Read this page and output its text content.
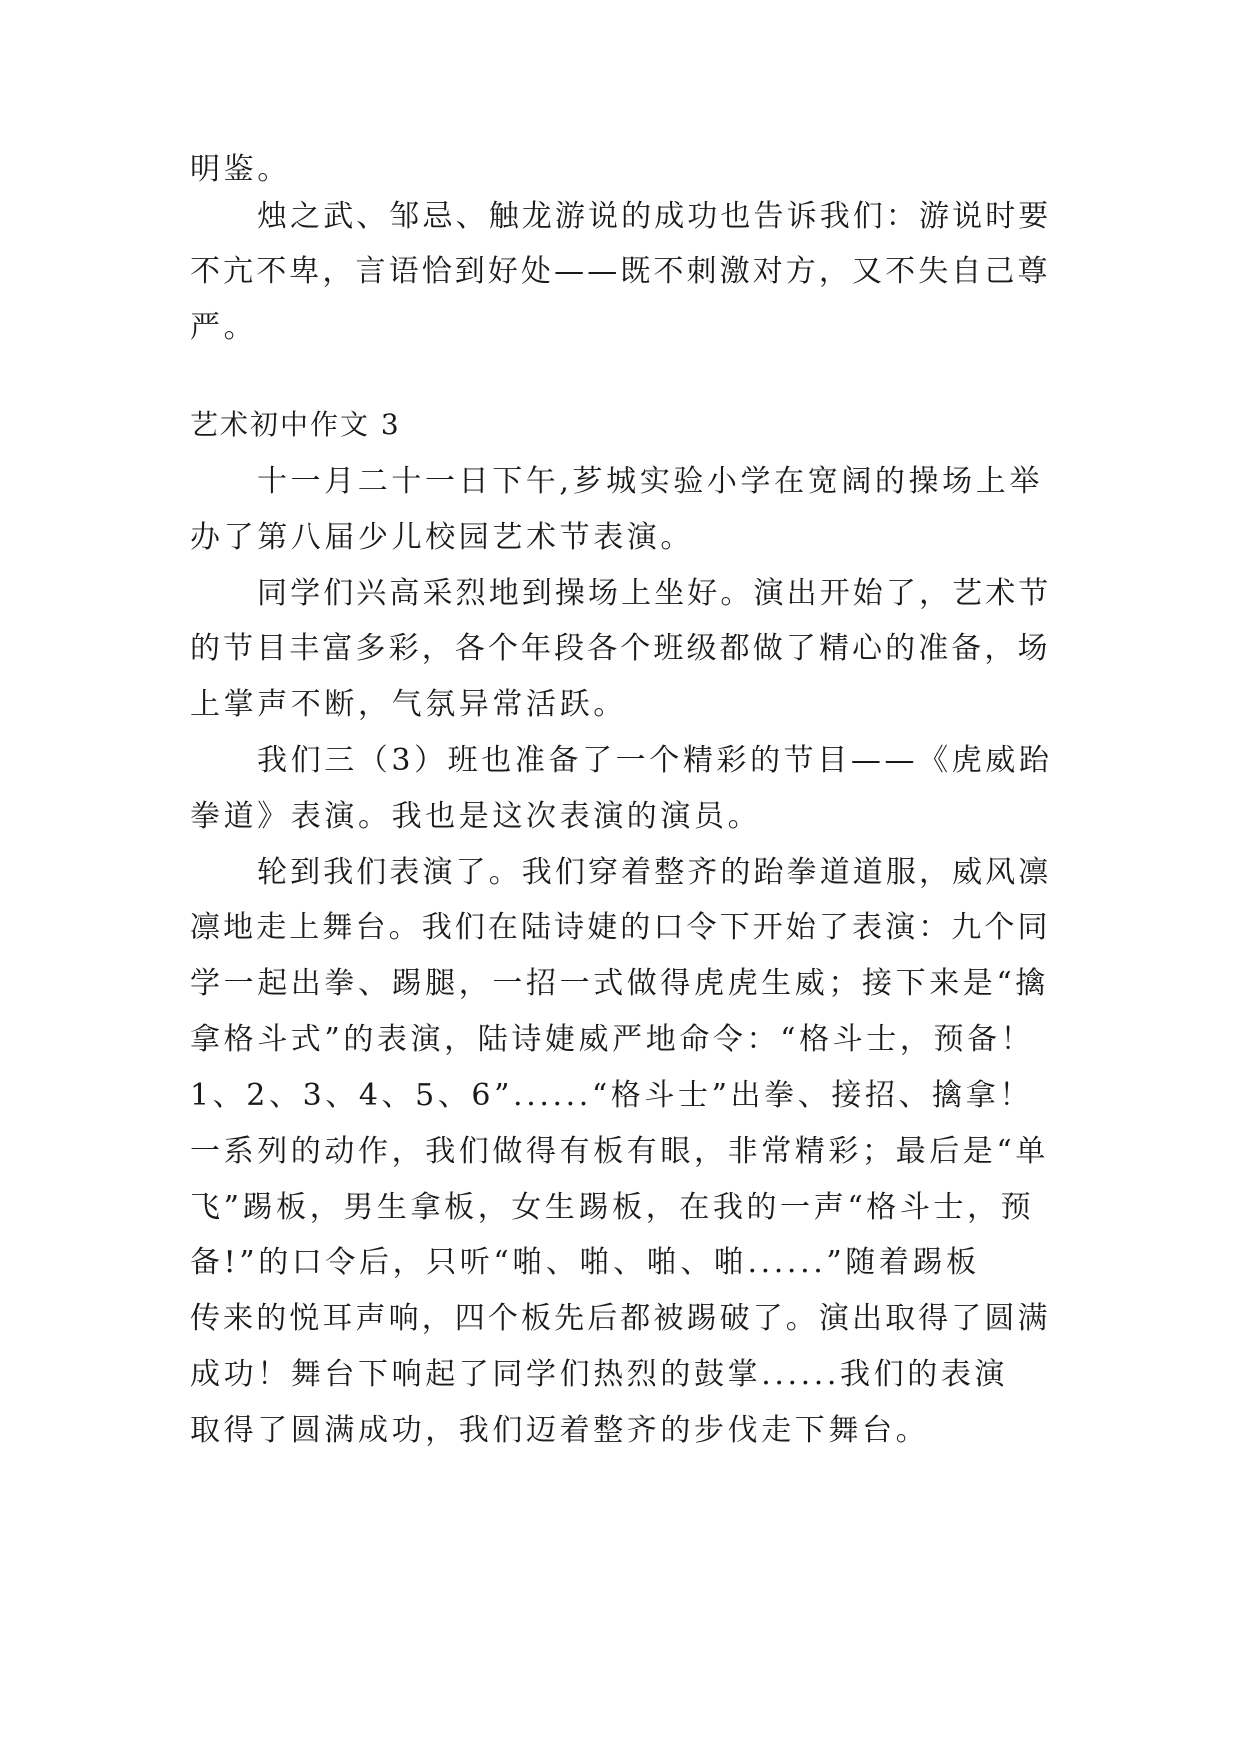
明鉴。
烛之武、邹忌、触龙游说的成功也告诉我们：游说时要
不亢不卑，言语恰到好处——既不刺激对方，又不失自己尊
严。
艺术初中作文 3
十一月二十一日下午,芗城实验小学在宽阔的操场上举
办了第八届少儿校园艺术节表演。
同学们兴高采烈地到操场上坐好。演出开始了，艺术节
的节目丰富多彩，各个年段各个班级都做了精心的准备，场
上掌声不断，气氛异常活跃。
我们三（3）班也准备了一个精彩的节目——《虎威跆
拳道》表演。我也是这次表演的演员。
轮到我们表演了。我们穿着整齐的跆拳道道服，威风凛
凛地走上舞台。我们在陆诗婕的口令下开始了表演：九个同
学一起出拳、踢腿，一招一式做得虎虎生威；接下来是“擒
拿格斗式”的表演，陆诗婕威严地命令：“格斗士，预备！
1、2、3、4、5、6”......“格斗士”出拳、接招、擒拿！
一系列的动作，我们做得有板有眼，非常精彩；最后是“单
飞”踢板，男生拿板，女生踢板，在我的一声“格斗士，预
备!”的口令后，只听“啪、啪、啪、啪......”随着踢板
传来的悦耳声响，四个板先后都被踢破了。演出取得了圆满
成功！舞台下响起了同学们热烈的鼓掌......我们的表演
取得了圆满成功，我们迈着整齐的步伐走下舞台。
